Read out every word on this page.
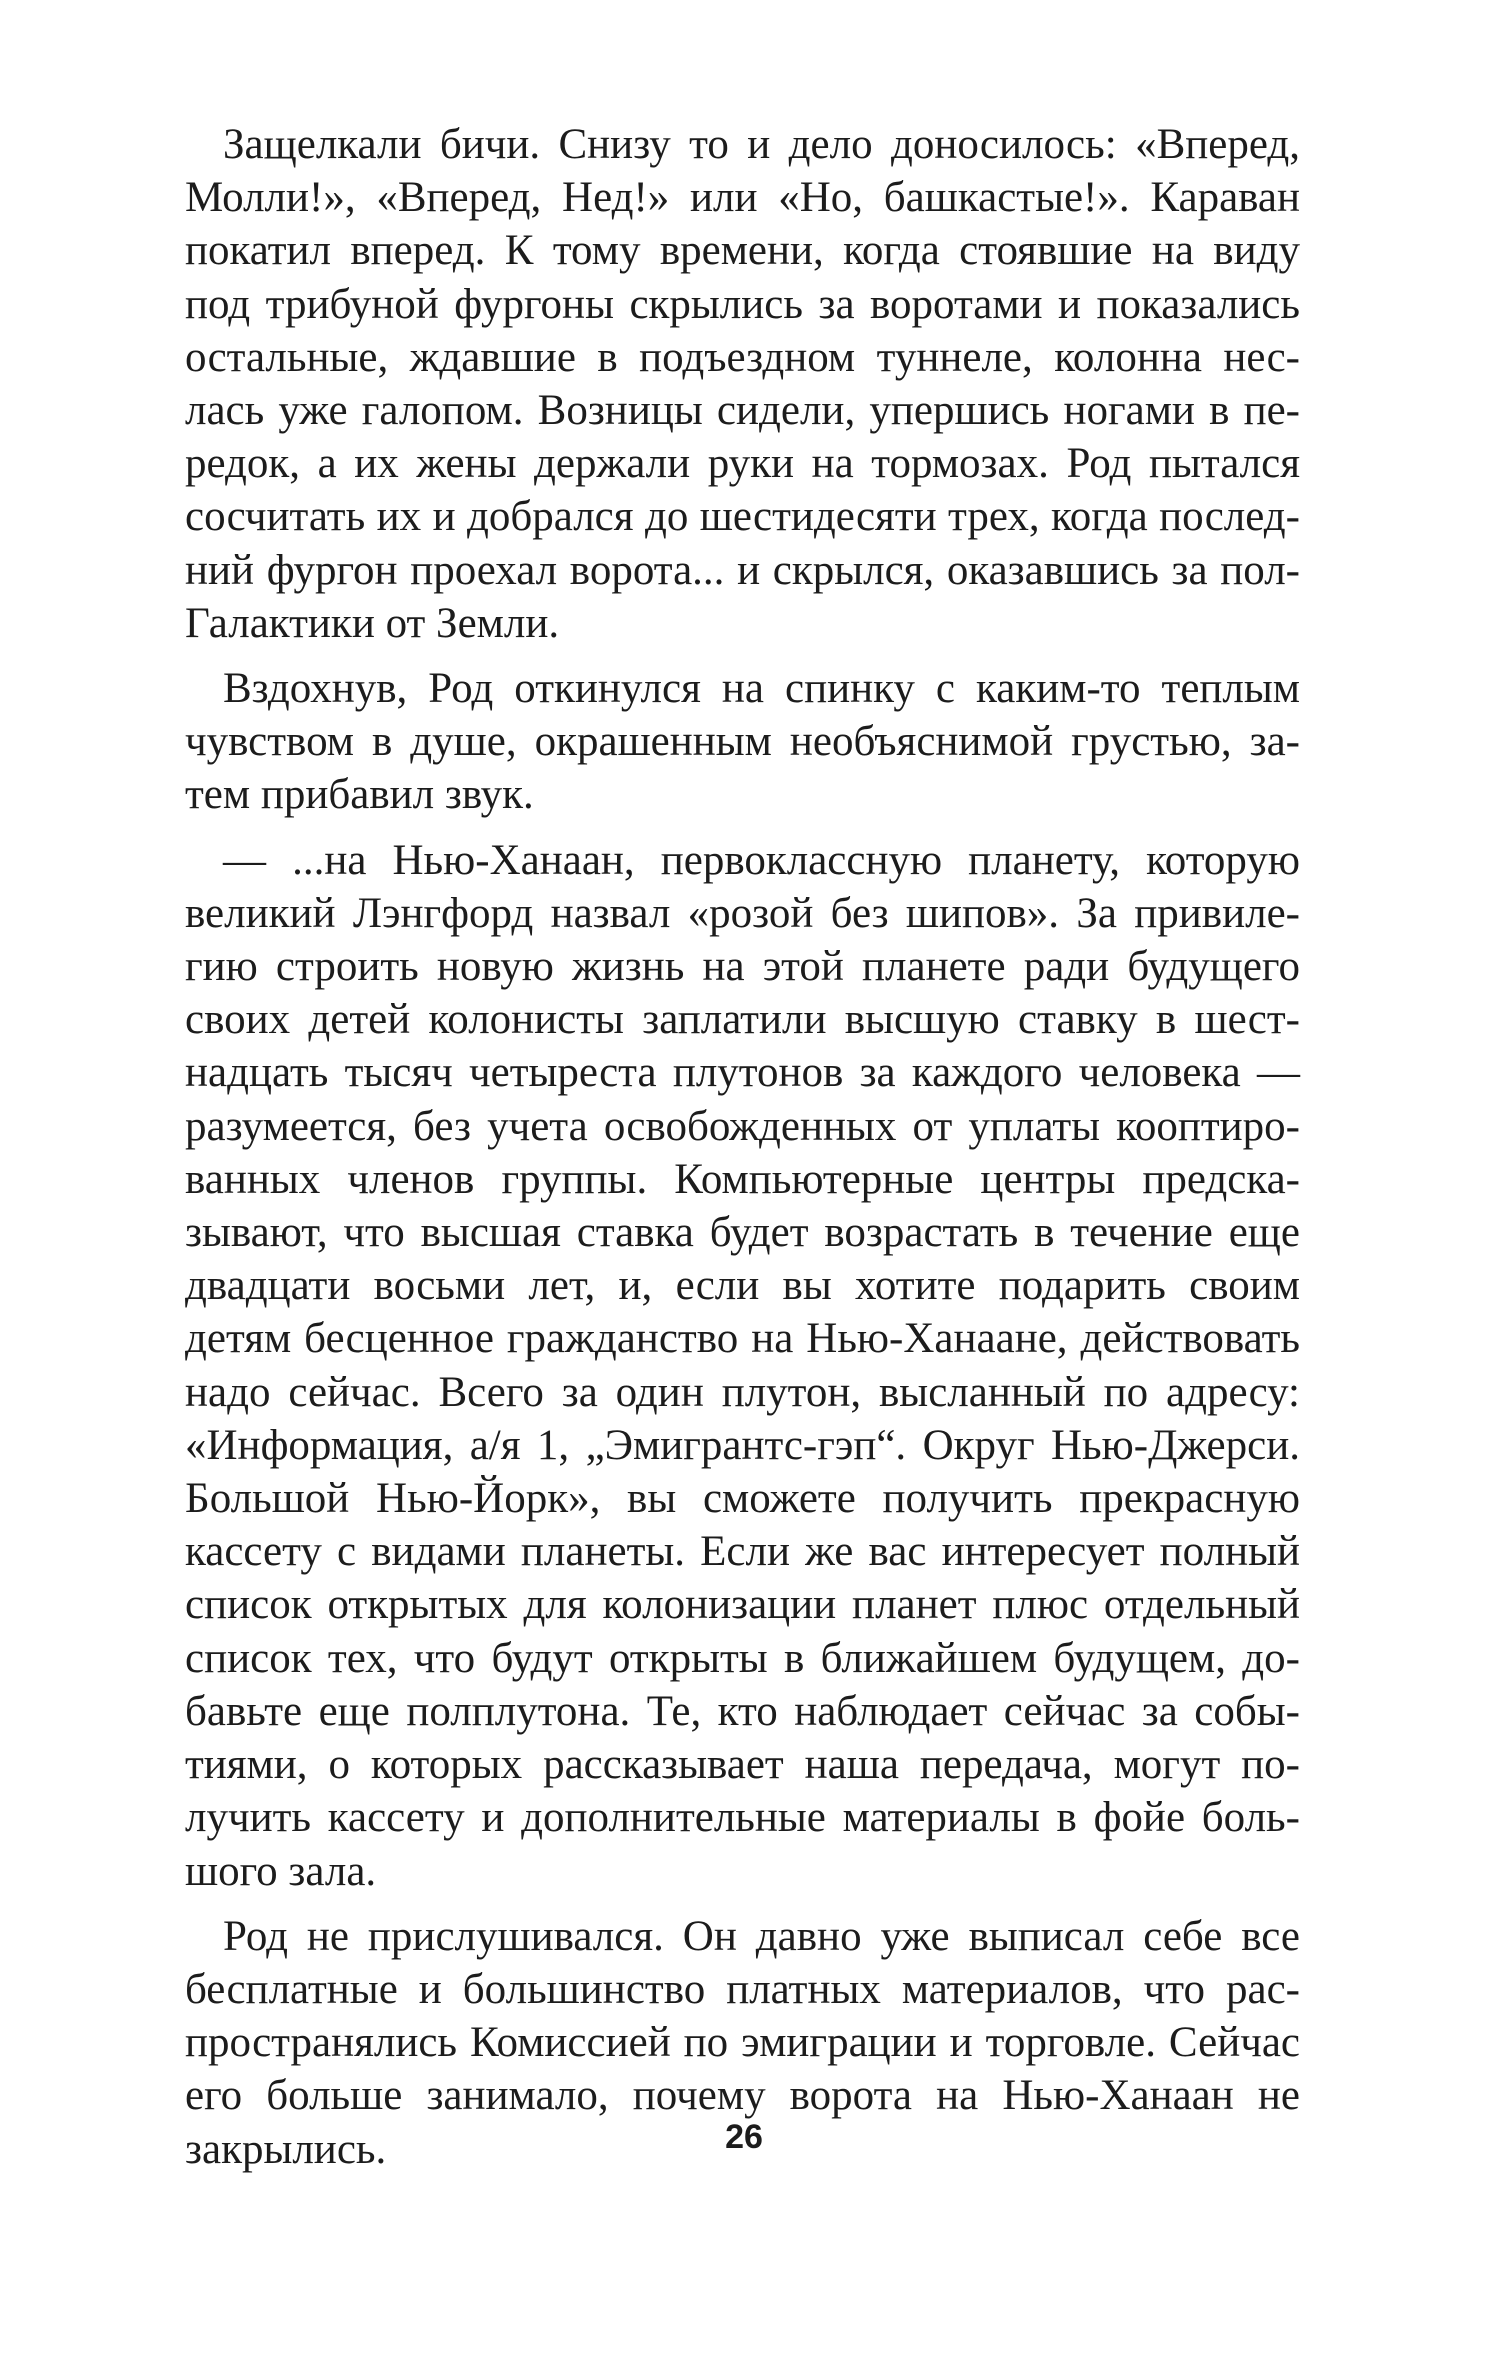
Защелкали бичи. Снизу то и дело доносилось: «Вперед, Молли!», «Вперед, Нед!» или «Но, башкастые!». Караван покатил вперед. К тому времени, когда стоявшие на виду под трибуной фургоны скрылись за воротами и показались остальные, ждавшие в подъездном туннеле, колонна неслась уже галопом. Возницы сидели, упершись ногами в передок, а их жены держали руки на тормозах. Род пытался сосчитать их и добрался до шестидесяти трех, когда последний фургон проехал ворота... и скрылся, оказавшись за полГалактики от Земли.

Вздохнув, Род откинулся на спинку с каким-то теплым чувством в душе, окрашенным необъяснимой грустью, затем прибавил звук.

— ...на Нью-Ханаан, первоклассную планету, которую великий Лэнгфорд назвал «розой без шипов». За привилегию строить новую жизнь на этой планете ради будущего своих детей колонисты заплатили высшую ставку в шестнадцать тысяч четыреста плутонов за каждого человека — разумеется, без учета освобожденных от уплаты кооптированных членов группы. Компьютерные центры предсказывают, что высшая ставка будет возрастать в течение еще двадцати восьми лет, и, если вы хотите подарить своим детям бесценное гражданство на Нью-Ханаане, действовать надо сейчас. Всего за один плутон, высланный по адресу: «Информация, а/я 1, „Эмигрантс-гэп“. Округ Нью-Джерси. Большой Нью-Йорк», вы сможете получить прекрасную кассету с видами планеты. Если же вас интересует полный список открытых для колонизации планет плюс отдельный список тех, что будут открыты в ближайшем будущем, добавьте еще полплутона. Те, кто наблюдает сейчас за событиями, о которых рассказывает наша передача, могут получить кассету и дополнительные материалы в фойе большого зала.

Род не прислушивался. Он давно уже выписал себе все бесплатные и большинство платных материалов, что распространялись Комиссией по эмиграции и торговле. Сейчас его больше занимало, почему ворота на Нью-Ханаан не закрылись.	26
